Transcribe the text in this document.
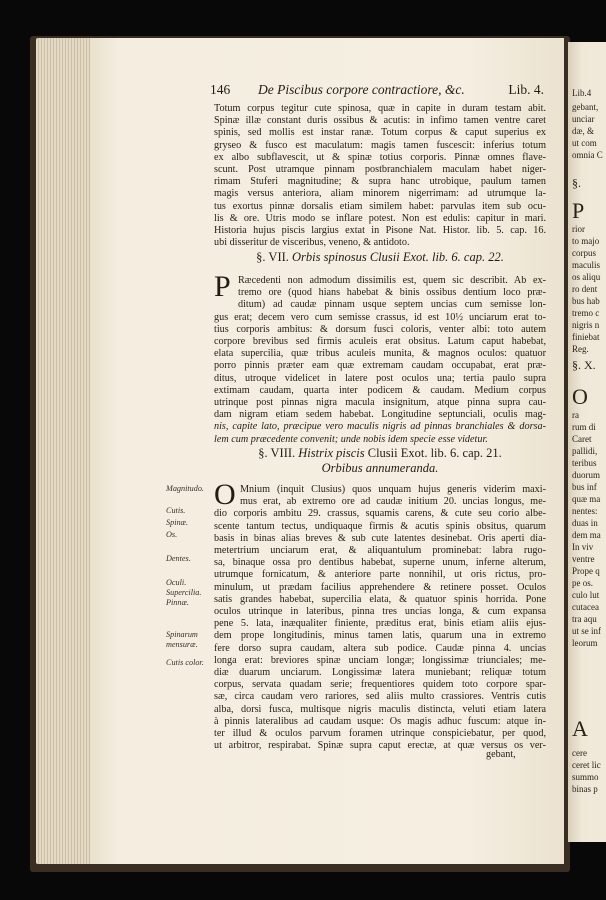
Lib.4
gebant,
unciar
dæ, &
ut com
omnia C
§.
P
rior
to majo
corpus
maculis
os aliqu
ro dent
bus hab
tremo c
nigris n
finiebat
Reg.
§. X.
O
ra
rum di
Caret
pallidi,
teribus
duorum
bus inf
quæ ma
nentes:
duas in
dem ma
In viv
ventre
Prope q
pe os.
culo lut
cutacea
tra aqu
ut se inf
leorum
A
cere
ceret lic
summo
binas p
146 De Piscibus corpore contractiore, &c.	Lib. 4.
Totum corpus tegitur cute spinosa, quæ in capite in duram testam abit.
Spinæ illæ constant duris ossibus & acutis: in infimo tamen ventre caret
spinis, sed mollis est instar ranæ. Totum corpus & caput superius ex
gryseo & fusco est maculatum: magis tamen fuscescit: inferius totum
ex albo subflavescit, ut & spinæ totius corporis. Pinnæ omnes flave-
scunt. Post utramque pinnam postbranchialem maculam habet niger-
rimam Stuferi magnitudine; & supra hanc utrobique, paulum tamen
magis versus anteriora, aliam minorem nigerrimam: ad utrumque la-
tus exortus pinnæ dorsalis etiam similem habet: parvulas item sub ocu-
lis & ore. Utris modo se inflare potest. Non est edulis: capitur in mari.
Historia hujus piscis largius extat in Pisone Nat. Histor. lib. 5. cap. 16.
ubi disseritur de visceribus, veneno, & antidoto.
§. VII. Orbis spinosus Clusii Exot. lib. 6. cap. 22.
P Ræcedenti non admodum dissimilis est, quem sic describit. Ab ex-
tremo ore (quod hians habebat & binis ossibus dentium loco præ-
ditum) ad caudæ pinnam usque septem uncias cum semisse lon-
gus erat; decem vero cum semisse crassus, id est 10½ unciarum erat to-
tius corporis ambitus: & dorsum fusci coloris, venter albi: toto autem
corpore brevibus sed firmis aculeis erat obsitus. Latum caput habebat,
elata supercilia, quæ tribus aculeis munita, & magnos oculos: quatuor
porro pinnis præter eam quæ extremam caudam occupabat, erat præ-
ditus, utroque videlicet in latere post oculos una; tertia paulo supra
extimam caudam, quarta inter podicem & caudam. Medium corpus
utrinque post pinnas nigra macula insignitum, atque pinna supra cau-
dam nigram etiam sedem habebat. Longitudine septunciali, oculis mag-
nis, capite lato, præcipue vero maculis nigris ad pinnas branchiales & dorsa-
lem cum præcedente convenit; unde nobis idem specie esse videtur.
§. VIII. Histrix piscis Clusii Exot. lib. 6. cap. 21.
Orbibus annumeranda.
Magnitudo.
Cutis.
Spinæ.
Os.
Dentes.
Oculi.
Supercilia.
Pinnæ.
Spinarum
mensuræ.
Cutis color.
O Mnium (inquit Clusius) quos unquam hujus generis viderim maxi-
mus erat, ab extremo ore ad caudæ initium 20. uncias longus, me-
dio corporis ambitu 29. crassus, squamis carens, & cute seu corio albe-
scente tantum tectus, undiquaque firmis & acutis spinis obsitus, quarum
basis in binas alias breves & sub cute latentes desinebat. Oris aperti dia-
metertrium unciarum erat, & aliquantulum prominebat: labra rugo-
sa, binaque ossa pro dentibus habebat, superne unum, inferne alterum,
utrumque fornicatum, & anteriore parte nonnihil, ut oris rictus, pro-
minulum, ut prædam facilius apprehendere & retinere posset. Oculos
satis grandes habebat, supercilia elata, & quatuor spinis horrida. Pone
oculos utrinque in lateribus, pinna tres uncias longa, & cum expansa
pene 5. lata, inæqualiter finiente, præditus erat, binis etiam aliis ejus-
dem prope longitudinis, minus tamen latis, quarum una in extremo
fere dorso supra caudam, altera sub podice. Caudæ pinna 4. uncias
longa erat: breviores spinæ unciam longæ; longissimæ triunciales; me-
diæ duarum unciarum. Longissimæ latera muniebant; reliquæ totum
corpus, servata quadam serie; frequentiores quidem toto corpore spar-
sæ, circa caudam vero rariores, sed aliis multo crassiores. Ventris cutis
alba, dorsi fusca, multisque nigris maculis distincta, veluti etiam latera
à pinnis lateralibus ad caudam usque: Os magis adhuc fuscum: atque in-
ter illud & oculos parvum foramen utrinque conspiciebatur, per quod,
ut arbitror, respirabat. Spinæ supra caput erectæ, at quæ versus os ver-
gebant,
